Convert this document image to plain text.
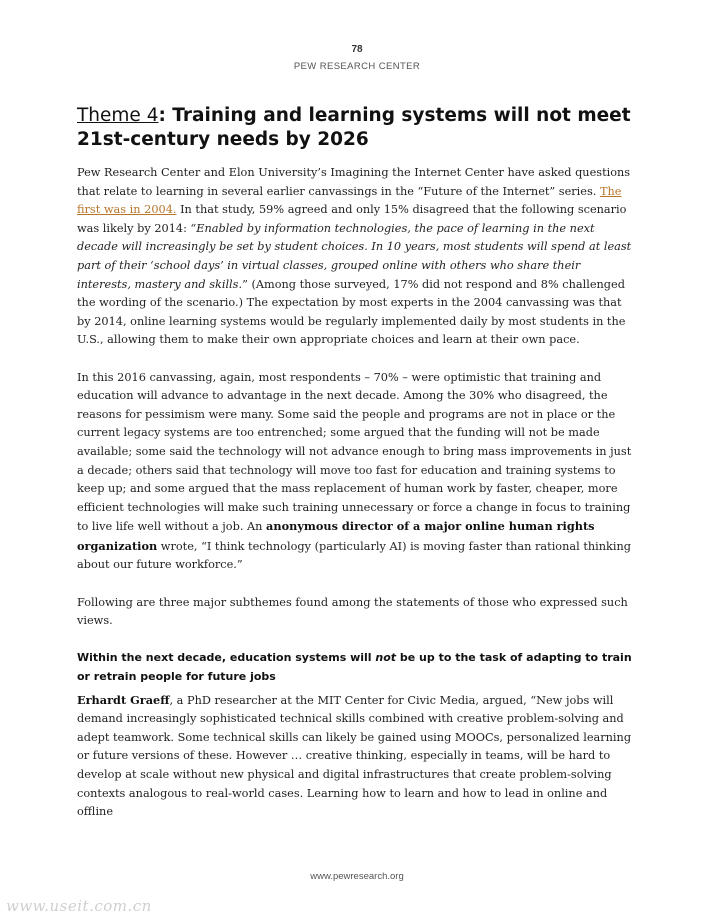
78
PEW RESEARCH CENTER
Theme 4: Training and learning systems will not meet 21st-century needs by 2026

Pew Research Center and Elon University’s Imagining the Internet Center have asked questions that relate to learning in several earlier canvassings in the “Future of the Internet” series. The first was in 2004. In that study, 59% agreed and only 15% disagreed that the following scenario was likely by 2014: “Enabled by information technologies, the pace of learning in the next decade will increasingly be set by student choices. In 10 years, most students will spend at least part of their ‘school days’ in virtual classes, grouped online with others who share their interests, mastery and skills.” (Among those surveyed, 17% did not respond and 8% challenged the wording of the scenario.) The expectation by most experts in the 2004 canvassing was that by 2014, online learning systems would be regularly implemented daily by most students in the U.S., allowing them to make their own appropriate choices and learn at their own pace.

In this 2016 canvassing, again, most respondents – 70% – were optimistic that training and education will advance to advantage in the next decade. Among the 30% who disagreed, the reasons for pessimism were many. Some said the people and programs are not in place or the current legacy systems are too entrenched; some argued that the funding will not be made available; some said the technology will not advance enough to bring mass improvements in just a decade; others said that technology will move too fast for education and training systems to keep up; and some argued that the mass replacement of human work by faster, cheaper, more efficient technologies will make such training unnecessary or force a change in focus to training to live life well without a job. An anonymous director of a major online human rights organization wrote, “I think technology (particularly AI) is moving faster than rational thinking about our future workforce.”

Following are three major subthemes found among the statements of those who expressed such views.

Within the next decade, education systems will not be up to the task of adapting to train or retrain people for future jobs

Erhardt Graeff, a PhD researcher at the MIT Center for Civic Media, argued, “New jobs will demand increasingly sophisticated technical skills combined with creative problem-solving and adept teamwork. Some technical skills can likely be gained using MOOCs, personalized learning or future versions of these. However … creative thinking, especially in teams, will be hard to develop at scale without new physical and digital infrastructures that create problem-solving contexts analogous to real-world cases. Learning how to learn and how to lead in online and offline

www.pewresearch.org
www.useit.com.cn
